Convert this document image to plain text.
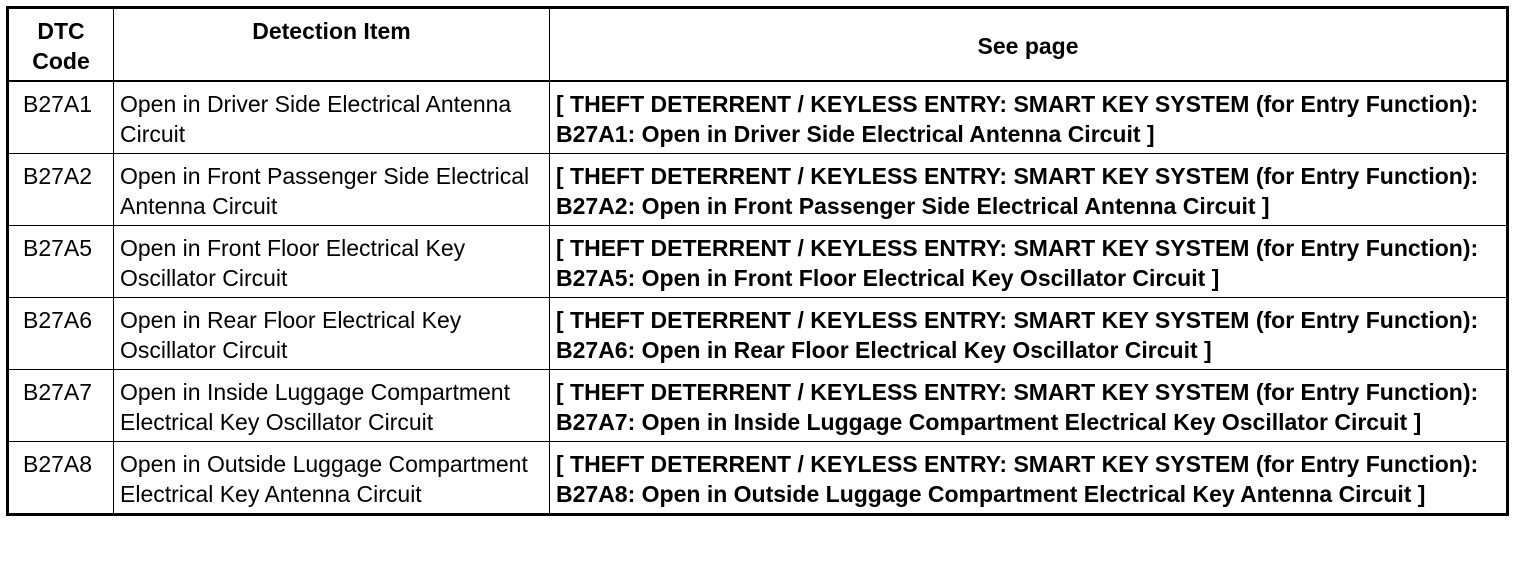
DTC Code	Detection Item	See page
B27A1	Open in Driver Side Electrical Antenna Circuit	[ THEFT DETERRENT / KEYLESS ENTRY: SMART KEY SYSTEM (for Entry Function): B27A1: Open in Driver Side Electrical Antenna Circuit ]
B27A2	Open in Front Passenger Side Electrical Antenna Circuit	[ THEFT DETERRENT / KEYLESS ENTRY: SMART KEY SYSTEM (for Entry Function): B27A2: Open in Front Passenger Side Electrical Antenna Circuit ]
B27A5	Open in Front Floor Electrical Key Oscillator Circuit	[ THEFT DETERRENT / KEYLESS ENTRY: SMART KEY SYSTEM (for Entry Function): B27A5: Open in Front Floor Electrical Key Oscillator Circuit ]
B27A6	Open in Rear Floor Electrical Key Oscillator Circuit	[ THEFT DETERRENT / KEYLESS ENTRY: SMART KEY SYSTEM (for Entry Function): B27A6: Open in Rear Floor Electrical Key Oscillator Circuit ]
B27A7	Open in Inside Luggage Compartment Electrical Key Oscillator Circuit	[ THEFT DETERRENT / KEYLESS ENTRY: SMART KEY SYSTEM (for Entry Function): B27A7: Open in Inside Luggage Compartment Electrical Key Oscillator Circuit ]
B27A8	Open in Outside Luggage Compartment Electrical Key Antenna Circuit	[ THEFT DETERRENT / KEYLESS ENTRY: SMART KEY SYSTEM (for Entry Function): B27A8: Open in Outside Luggage Compartment Electrical Key Antenna Circuit ]
